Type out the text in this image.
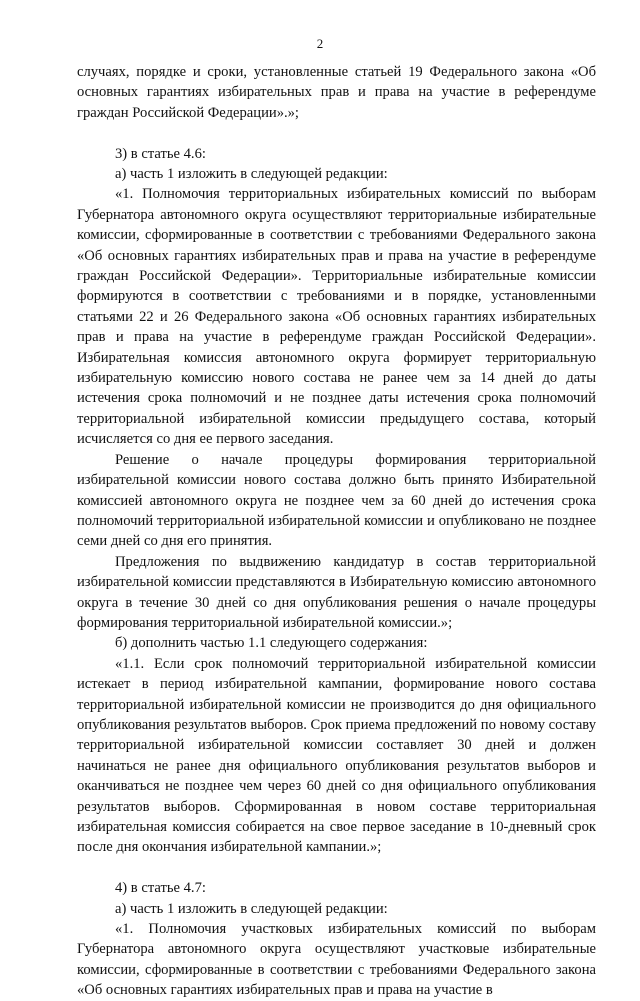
2

случаях, порядке и сроки, установленные статьей 19 Федерального закона «Об основных гарантиях избирательных прав и права на участие в референдуме граждан Российской Федерации».»;

3) в статье 4.6:

а) часть 1 изложить в следующей редакции:

«1. Полномочия территориальных избирательных комиссий по выборам Губернатора автономного округа осуществляют территориальные избирательные комиссии, сформированные в соответствии с требованиями Федерального закона «Об основных гарантиях избирательных прав и права на участие в референдуме граждан Российской Федерации». Территориальные избирательные комиссии формируются в соответствии с требованиями и в порядке, установленными статьями 22 и 26 Федерального закона «Об основных гарантиях избирательных прав и права на участие в референдуме граждан Российской Федерации». Избирательная комиссия автономного округа формирует территориальную избирательную комиссию нового состава не ранее чем за 14 дней до даты истечения срока полномочий и не позднее даты истечения срока полномочий территориальной избирательной комиссии предыдущего состава, который исчисляется со дня ее первого заседания.

Решение о начале процедуры формирования территориальной избирательной комиссии нового состава должно быть принято Избирательной комиссией автономного округа не позднее чем за 60 дней до истечения срока полномочий территориальной избирательной комиссии и опубликовано не позднее семи дней со дня его принятия.

Предложения по выдвижению кандидатур в состав территориальной избирательной комиссии представляются в Избирательную комиссию автономного округа в течение 30 дней со дня опубликования решения о начале процедуры формирования территориальной избирательной комиссии.»;

б) дополнить частью 1.1 следующего содержания:

«1.1. Если срок полномочий территориальной избирательной комиссии истекает в период избирательной кампании, формирование нового состава территориальной избирательной комиссии не производится до дня официального опубликования результатов выборов. Срок приема предложений по новому составу территориальной избирательной комиссии составляет 30 дней и должен начинаться не ранее дня официального опубликования результатов выборов и оканчиваться не позднее чем через 60 дней со дня официального опубликования результатов выборов. Сформированная в новом составе территориальная избирательная комиссия собирается на свое первое заседание в 10-дневный срок после дня окончания избирательной кампании.»;

4) в статье 4.7:

а) часть 1 изложить в следующей редакции:

«1. Полномочия участковых избирательных комиссий по выборам Губернатора автономного округа осуществляют участковые избирательные комиссии, сформированные в соответствии с требованиями Федерального закона «Об основных гарантиях избирательных прав и права на участие в
